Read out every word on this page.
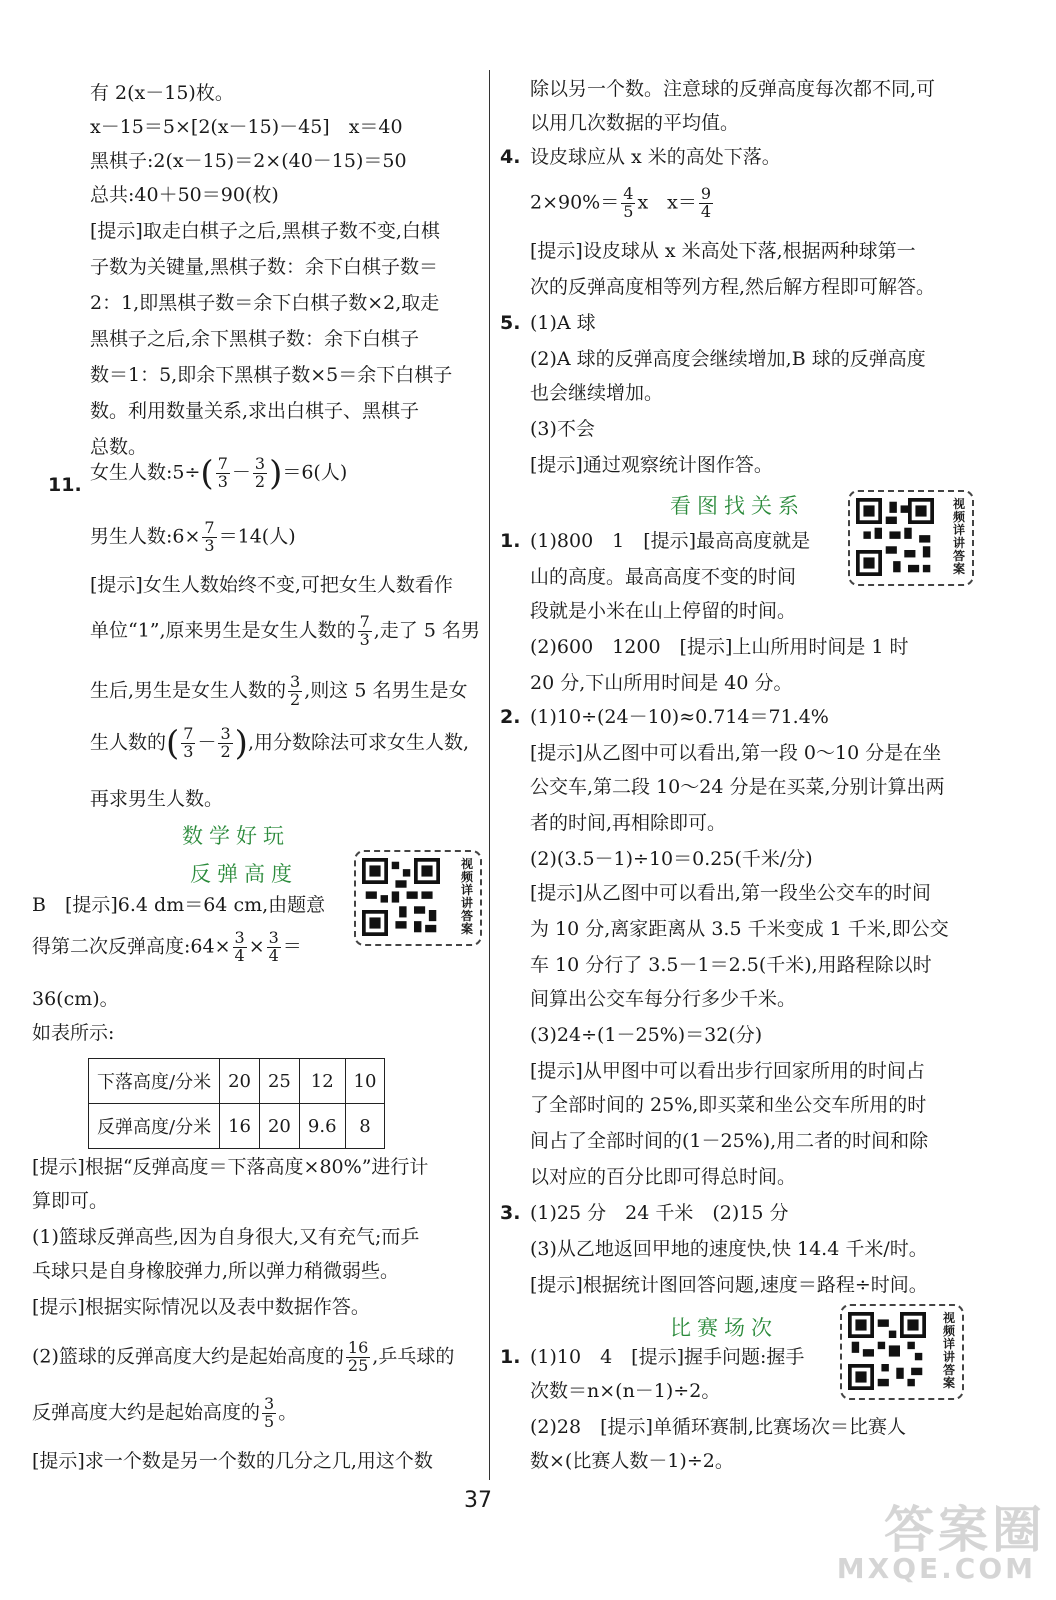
有 2(x－15)枚。
x－15＝5×[2(x－15)－45]　x＝40
黑棋子:2(x－15)＝2×(40－15)＝50
总共:40＋50＝90(枚)
[提示]取走白棋子之后,黑棋子数不变,白棋
子数为关键量,黑棋子数：余下白棋子数＝
2：1,即黑棋子数＝余下白棋子数×2,取走
黑棋子之后,余下黑棋子数：余下白棋子
数＝1：5,即余下黑棋子数×5＝余下白棋子
数。利用数量关系,求出白棋子、黑棋子
总数。
11.
女生人数:5÷( $\frac{7}{3} - \frac{3}{2} )=6$(人)
男生人数:6× $\frac{7}{3} =14$(人)
[提示]女生人数始终不变,可把女生人数看作
单位“1”,原来男生是女生人数的 $\frac{7}{3}$ ,走了 5 名男
生后,男生是女生人数的 $\frac{3}{2}$ ,则这 5 名男生是女
生人数的( $\frac{7}{3} - \frac{3}{2}$ ),用分数除法可求女生人数,
再求男生人数。
数学好玩
反弹高度	视频详讲答案
B　[提示]6.4 dm＝64 cm,由题意
得第二次反弹高度:64× $\frac{3}{4} \times \frac{3}{4}$ ＝
36(cm)。
如表所示:
下落高度/分米	20	25	12	10
反弹高度/分米	16	20	9.6	8
[提示]根据“反弹高度＝下落高度×80%”进行计
算即可。
(1)篮球反弹高些,因为自身很大,又有充气;而乒
乓球只是自身橡胶弹力,所以弹力稍微弱些。
[提示]根据实际情况以及表中数据作答。
(2)篮球的反弹高度大约是起始高度的 $\frac{16}{25}$ ,乒乓球的
反弹高度大约是起始高度的 $\frac{3}{5}$ 。
[提示]求一个数是另一个数的几分之几,用这个数
除以另一个数。注意球的反弹高度每次都不同,可
以用几次数据的平均值。
4. 设皮球应从 x 米的高处下落。
$2\times 90\%= \frac{4}{5}$ x　$x= \frac{9}{4}$
[提示]设皮球从 x 米高处下落,根据两种球第一
次的反弹高度相等列方程,然后解方程即可解答。
5. (1)A 球
(2)A 球的反弹高度会继续增加,B 球的反弹高度
也会继续增加。
(3)不会
[提示]通过观察统计图作答。
看图找关系	视频详讲答案
1. (1)800　1　[提示]最高高度就是
山的高度。最高高度不变的时间
段就是小米在山上停留的时间。
(2)600　1200　[提示]上山所用时间是 1 时
20 分,下山所用时间是 40 分。
2. (1)10÷(24－10)≈0.714＝71.4%
[提示]从乙图中可以看出,第一段 0～10 分是在坐
公交车,第二段 10～24 分是在买菜,分别计算出两
者的时间,再相除即可。
(2)(3.5－1)÷10＝0.25(千米/分)
[提示]从乙图中可以看出,第一段坐公交车的时间
为 10 分,离家距离从 3.5 千米变成 1 千米,即公交
车 10 分行了 3.5－1＝2.5(千米),用路程除以时
间算出公交车每分行多少千米。
(3)24÷(1－25%)＝32(分)
[提示]从甲图中可以看出步行回家所用的时间占
了全部时间的 25%,即买菜和坐公交车所用的时
间占了全部时间的(1－25%),用二者的时间和除
以对应的百分比即可得总时间。
3. (1)25 分　24 千米　(2)15 分
(3)从乙地返回甲地的速度快,快 14.4 千米/时。
[提示]根据统计图回答问题,速度＝路程÷时间。
比赛场次	视频详讲答案
1. (1)10　4　[提示]握手问题:握手
次数＝n×(n－1)÷2。
(2)28　[提示]单循环赛制,比赛场次＝比赛人
数×(比赛人数－1)÷2。
37
答案圈
MXQE.COM
